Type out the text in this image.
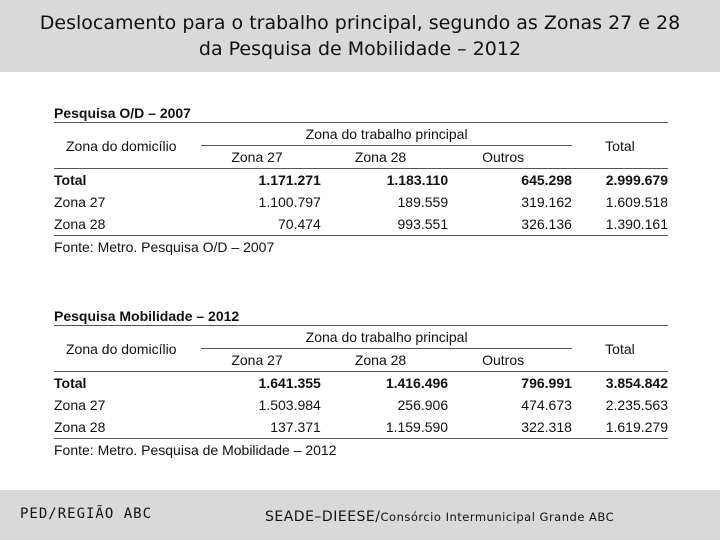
Deslocamento para o trabalho principal, segundo as Zonas 27 e 28
da Pesquisa de Mobilidade – 2012
Pesquisa O/D – 2007
Zona do domicílio	Zona do trabalho principal			Total
	Zona 27	Zona 28	Outros	
Total	1.171.271	1.183.110	645.298	2.999.679
Zona 27	1.100.797	189.559	319.162	1.609.518
Zona 28	70.474	993.551	326.136	1.390.161
Fonte: Metro. Pesquisa O/D – 2007
Pesquisa Mobilidade – 2012
Zona do domicílio	Zona do trabalho principal			Total
	Zona 27	Zona 28	Outros	
Total	1.641.355	1.416.496	796.991	3.854.842
Zona 27	1.503.984	256.906	474.673	2.235.563
Zona 28	137.371	1.159.590	322.318	1.619.279
Fonte: Metro. Pesquisa de Mobilidade – 2012
PED/REGIÃO ABC	SEADE–DIEESE/Consórcio Intermunicipal Grande ABC
